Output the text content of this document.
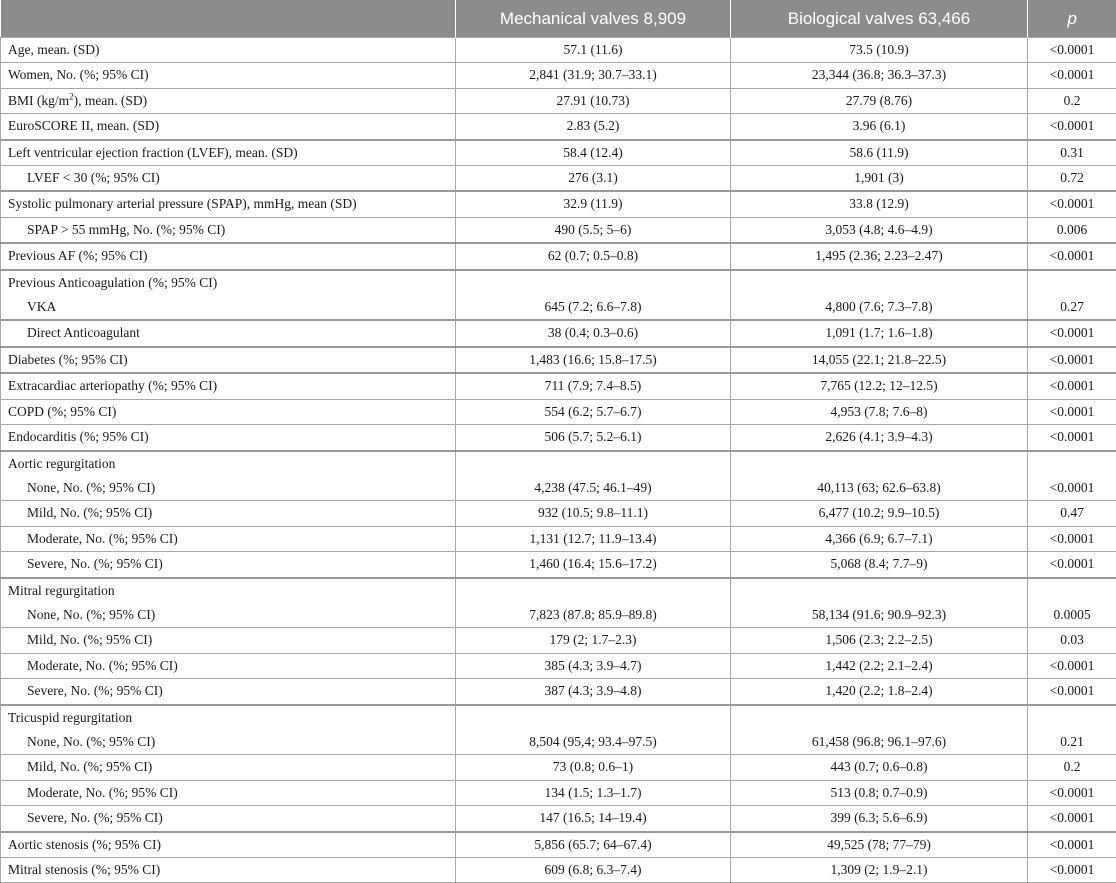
	Mechanical valves 8,909	Biological valves 63,466	p
Age, mean. (SD)	57.1 (11.6)	73.5 (10.9)	<0.0001
Women, No. (%; 95% CI)	2,841 (31.9; 30.7–33.1)	23,344 (36.8; 36.3–37.3)	<0.0001
BMI $(kg/m^2)$, mean. (SD)	27.91 (10.73)	27.79 (8.76)	0.2
EuroSCORE II, mean. (SD)	2.83 (5.2)	3.96 (6.1)	<0.0001
Left ventricular ejection fraction (LVEF), mean. (SD)	58.4 (12.4)	58.6 (11.9)	0.31
LVEF < 30 (%; 95% CI)	276 (3.1)	1,901 (3)	0.72
Systolic pulmonary arterial pressure (SPAP), mmHg, mean (SD)	32.9 (11.9)	33.8 (12.9)	<0.0001
SPAP > 55 mmHg, No. (%; 95% CI)	490 (5.5; 5–6)	3,053 (4.8; 4.6–4.9)	0.006
Previous AF (%; 95% CI)	62 (0.7; 0.5–0.8)	1,495 (2.36; 2.23–2.47)	<0.0001

Previous Anticoagulation (%; 95% CI)
VKA	645 (7.2; 6.6–7.8)	4,800 (7.6; 7.3–7.8)	0.27
Direct Anticoagulant	38 (0.4; 0.3–0.6)	1,091 (1.7; 1.6–1.8)	<0.0001
Diabetes (%; 95% CI)	1,483 (16.6; 15.8–17.5)	14,055 (22.1; 21.8–22.5)	<0.0001
Extracardiac arteriopathy (%; 95% CI)	711 (7.9; 7.4–8.5)	7,765 (12.2; 12–12.5)	<0.0001
COPD (%; 95% CI)	554 (6.2; 5.7–6.7)	4,953 (7.8; 7.6–8)	<0.0001
Endocarditis (%; 95% CI)	506 (5.7; 5.2–6.1)	2,626 (4.1; 3.9–4.3)	<0.0001

Aortic regurgitation
None, No. (%; 95% CI)	4,238 (47.5; 46.1–49)	40,113 (63; 62.6–63.8)	<0.0001
Mild, No. (%; 95% CI)	932 (10.5; 9.8–11.1)	6,477 (10.2; 9.9–10.5)	0.47
Moderate, No. (%; 95% CI)	1,131 (12.7; 11.9–13.4)	4,366 (6.9; 6.7–7.1)	<0.0001
Severe, No. (%; 95% CI)	1,460 (16.4; 15.6–17.2)	5,068 (8.4; 7.7–9)	<0.0001

Mitral regurgitation
None, No. (%; 95% CI)	7,823 (87.8; 85.9–89.8)	58,134 (91.6; 90.9–92.3)	0.0005
Mild, No. (%; 95% CI)	179 (2; 1.7–2.3)	1,506 (2.3; 2.2–2.5)	0.03
Moderate, No. (%; 95% CI)	385 (4.3; 3.9–4.7)	1,442 (2.2; 2.1–2.4)	<0.0001
Severe, No. (%; 95% CI)	387 (4.3; 3.9–4.8)	1,420 (2.2; 1.8–2.4)	<0.0001

Tricuspid regurgitation
None, No. (%; 95% CI)	8,504 (95,4; 93.4–97.5)	61,458 (96.8; 96.1–97.6)	0.21
Mild, No. (%; 95% CI)	73 (0.8; 0.6–1)	443 (0.7; 0.6–0.8)	0.2
Moderate, No. (%; 95% CI)	134 (1.5; 1.3–1.7)	513 (0.8; 0.7–0.9)	<0.0001
Severe, No. (%; 95% CI)	147 (16.5; 14–19.4)	399 (6.3; 5.6–6.9)	<0.0001
Aortic stenosis (%; 95% CI)	5,856 (65.7; 64–67.4)	49,525 (78; 77–79)	<0.0001
Mitral stenosis (%; 95% CI)	609 (6.8; 6.3–7.4)	1,309 (2; 1.9–2.1)	<0.0001
